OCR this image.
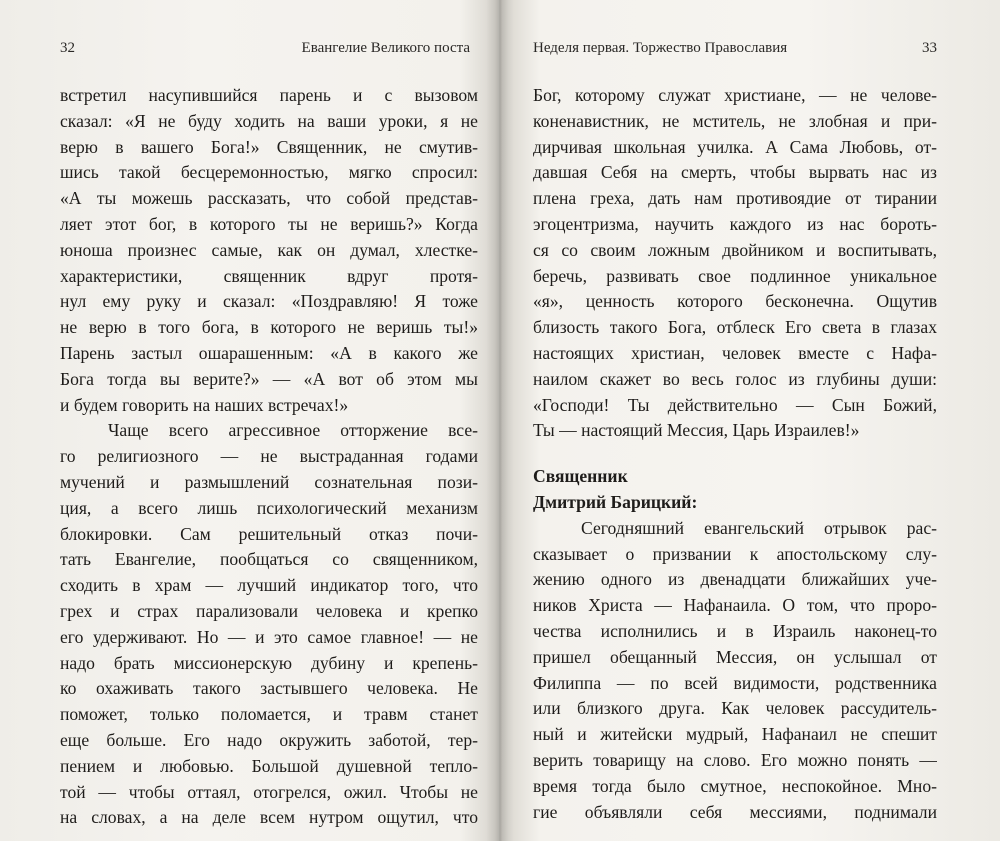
32	Евангелие Великого поста
встретил насупившийся парень и с вызовом
сказал: «Я не буду ходить на ваши уроки, я не
верю в вашего Бога!» Священник, не смутив-
шись такой бесцеремонностью, мягко спросил:
«А ты можешь рассказать, что собой представ-
ляет этот бог, в которого ты не веришь?» Когда
юноша произнес самые, как он думал, хлестке-
характеристики, священник вдруг протя-
нул ему руку и сказал: «Поздравляю! Я тоже
не верю в того бога, в которого не веришь ты!»
Парень застыл ошарашенным: «А в какого же
Бога тогда вы верите?» — «А вот об этом мы
и будем говорить на наших встречах!»
Чаще всего агрессивное отторжение все-
го религиозного — не выстраданная годами
мучений и размышлений сознательная пози-
ция, а всего лишь психологический механизм
блокировки. Сам решительный отказ почи-
тать Евангелие, пообщаться со священником,
сходить в храм — лучший индикатор того, что
грех и страх парализовали человека и крепко
его удерживают. Но — и это самое главное! — не
надо брать миссионерскую дубину и крепень-
ко охаживать такого застывшего человека. Не
поможет, только поломается, и травм станет
еще больше. Его надо окружить заботой, тер-
пением и любовью. Большой душевной тепло-
той — чтобы оттаял, отогрелся, ожил. Чтобы не
на словах, а на деле всем нутром ощутил, что
Неделя первая. Торжество Православия	33
Бог, которому служат христиане, — не челове-
коненавистник, не мститель, не злобная и при-
дирчивая школьная училка. А Сама Любовь, от-
давшая Себя на смерть, чтобы вырвать нас из
плена греха, дать нам противоядие от тирании
эгоцентризма, научить каждого из нас бороть-
ся со своим ложным двойником и воспитывать,
беречь, развивать свое подлинное уникальное
«я», ценность которого бесконечна. Ощутив
близость такого Бога, отблеск Его света в глазах
настоящих христиан, человек вместе с Нафа-
наилом скажет во весь голос из глубины души:
«Господи! Ты действительно — Сын Божий,
Ты — настоящий Мессия, Царь Израилев!»
Священник
Дмитрий Барицкий:
Сегодняшний евангельский отрывок рас-
сказывает о призвании к апостольскому слу-
жению одного из двенадцати ближайших уче-
ников Христа — Нафанаила. О том, что проро-
чества исполнились и в Израиль наконец-то
пришел обещанный Мессия, он услышал от
Филиппа — по всей видимости, родственника
или близкого друга. Как человек рассудитель-
ный и житейски мудрый, Нафанаил не спешит
верить товарищу на слово. Его можно понять —
время тогда было смутное, неспокойное. Мно-
гие объявляли себя мессиями, поднимали
